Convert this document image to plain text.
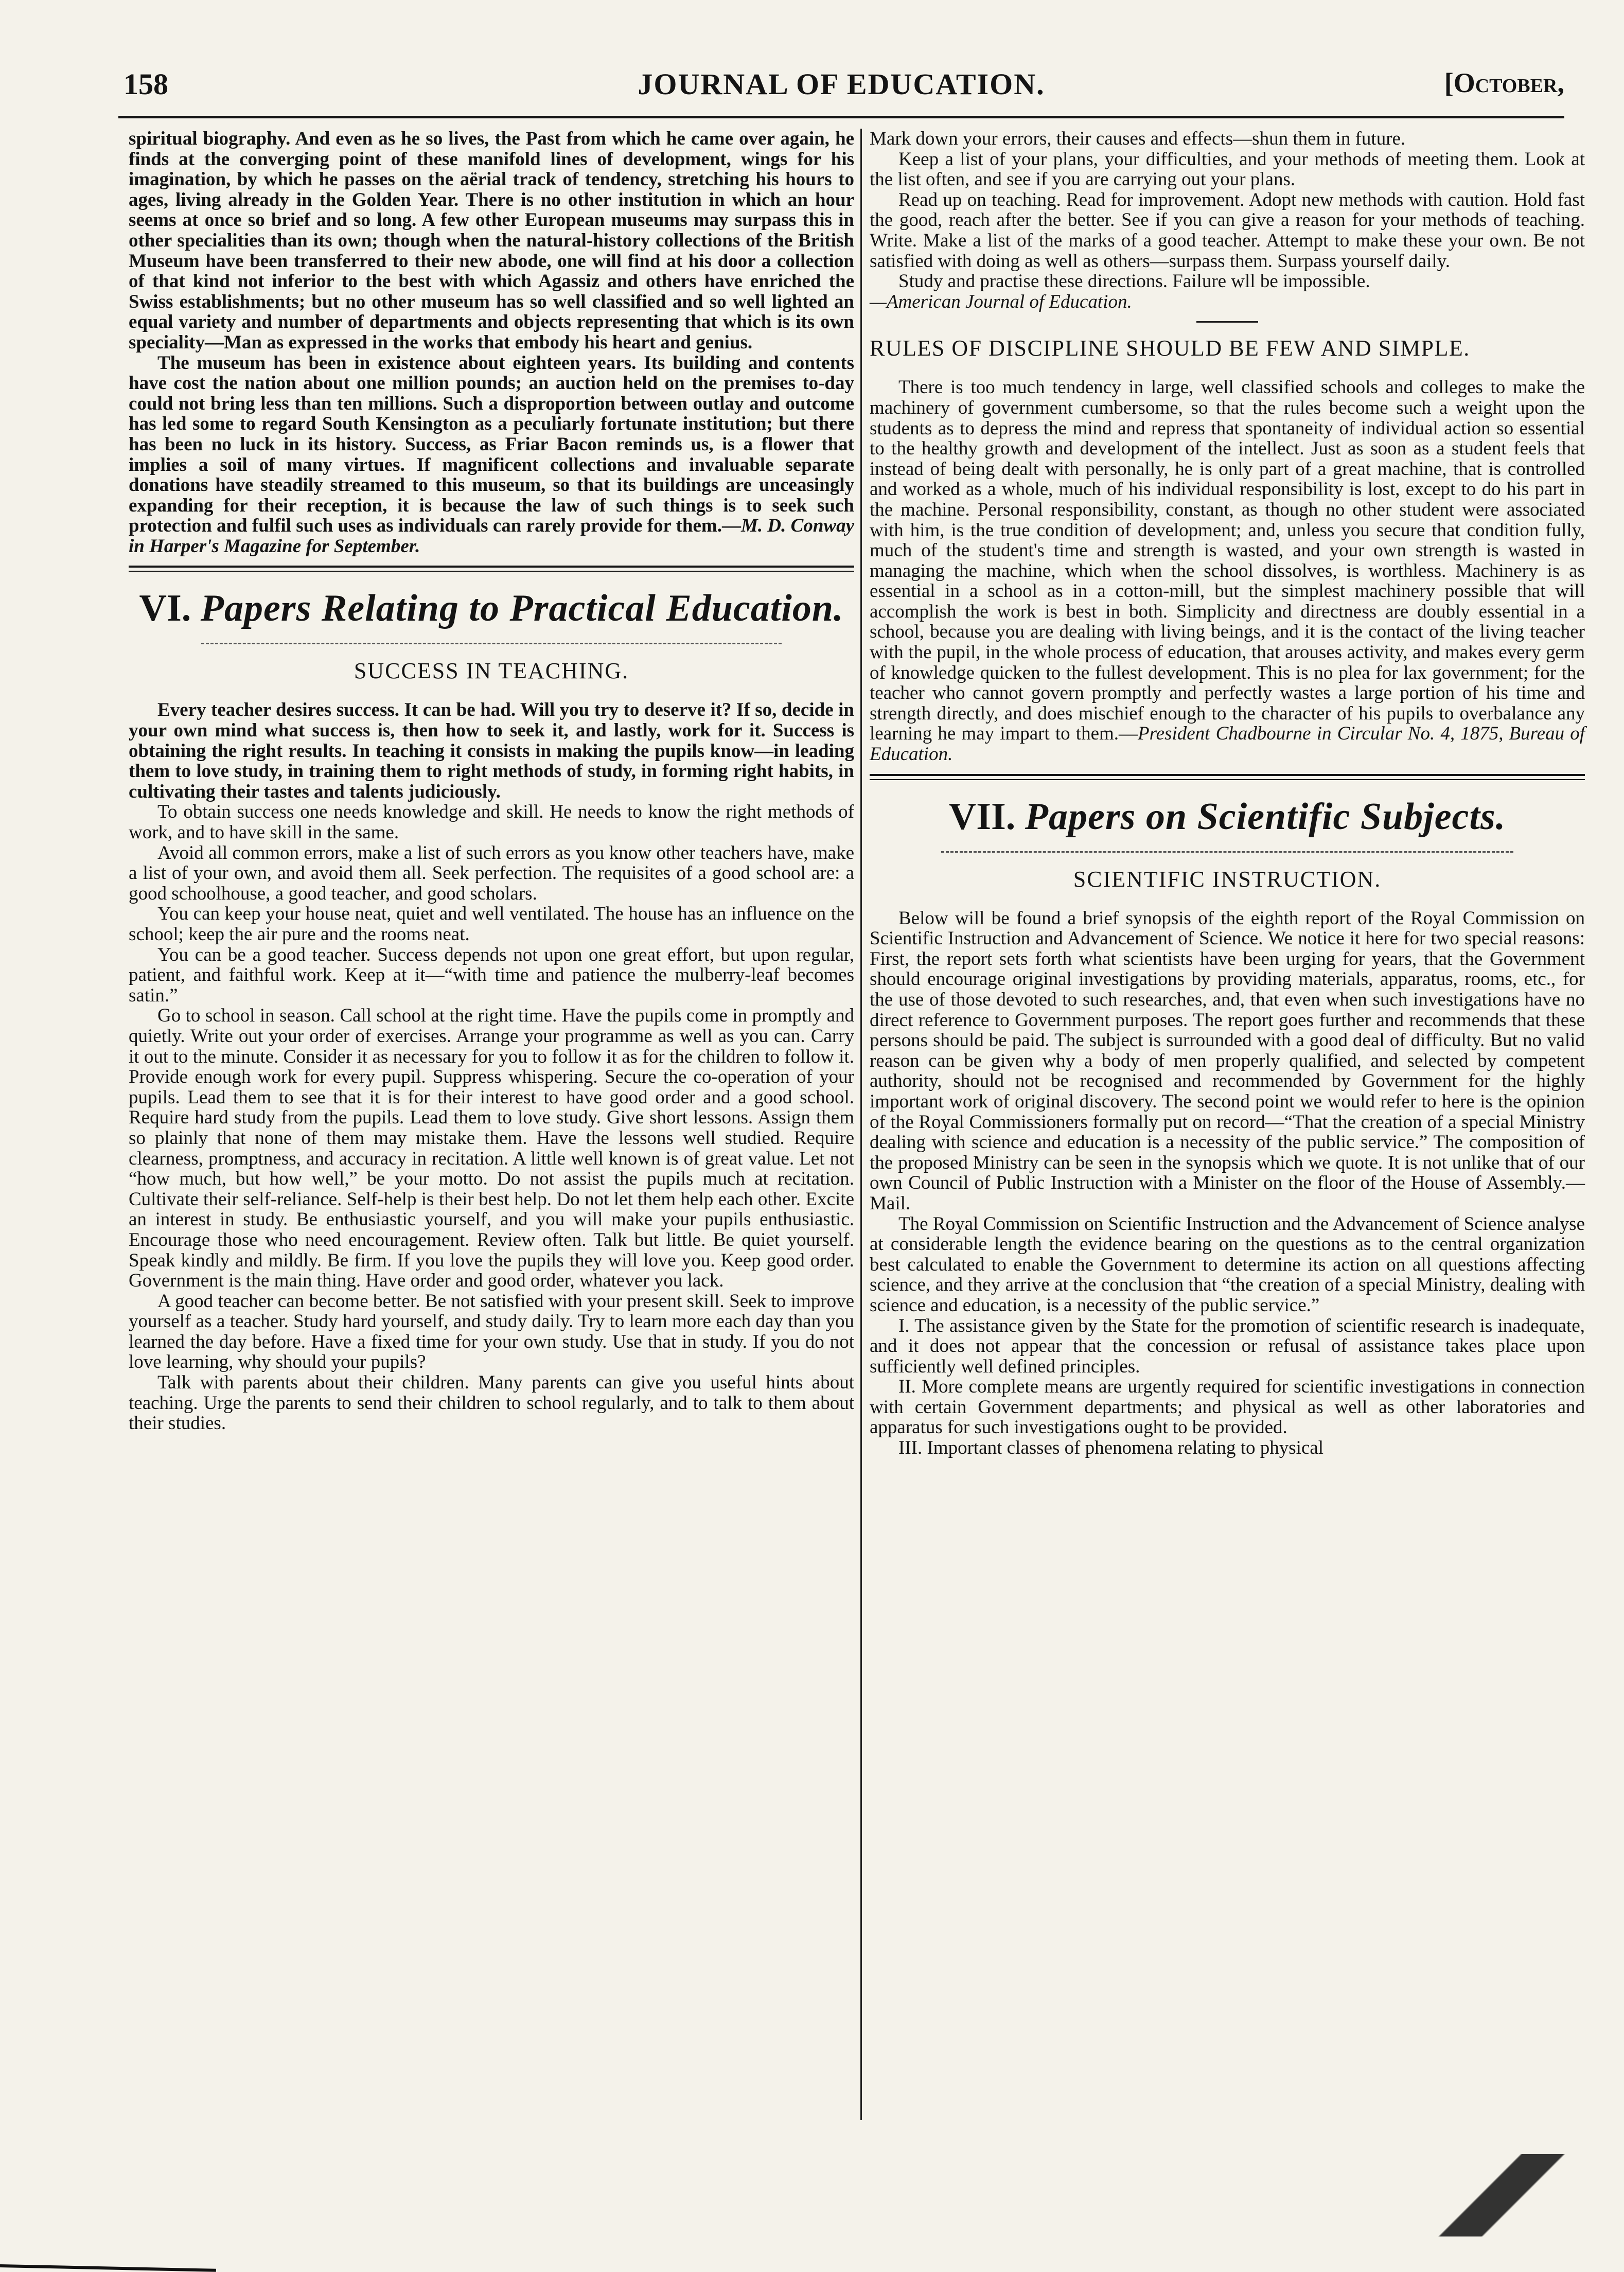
158	JOURNAL OF EDUCATION.	[October,

spiritual biography. And even as he so lives, the Past from which he came over again, he finds at the converging point of these manifold lines of development, wings for his imagination, by which he passes on the aërial track of tendency, stretching his hours to ages, living already in the Golden Year. There is no other institution in which an hour seems at once so brief and so long. A few other European museums may surpass this in other specialities than its own; though when the natural-history collections of the British Museum have been transferred to their new abode, one will find at his door a collection of that kind not inferior to the best with which Agassiz and others have enriched the Swiss establishments; but no other museum has so well classified and so well lighted an equal variety and number of departments and objects representing that which is its own speciality—Man as expressed in the works that embody his heart and genius.

The museum has been in existence about eighteen years. Its building and contents have cost the nation about one million pounds; an auction held on the premises to-day could not bring less than ten millions. Such a disproportion between outlay and outcome has led some to regard South Kensington as a peculiarly fortunate institution; but there has been no luck in its history. Success, as Friar Bacon reminds us, is a flower that implies a soil of many virtues. If magnificent collections and invaluable separate donations have steadily streamed to this museum, so that its buildings are unceasingly expanding for their reception, it is because the law of such things is to seek such protection and fulfil such uses as individuals can rarely provide for them.—M. D. Conway in Harper's Magazine for September.

VI. Papers Relating to Practical Education.
SUCCESS IN TEACHING.

Every teacher desires success. It can be had. Will you try to deserve it? If so, decide in your own mind what success is, then how to seek it, and lastly, work for it. Success is obtaining the right results. In teaching it consists in making the pupils know—in leading them to love study, in training them to right methods of study, in forming right habits, in cultivating their tastes and talents judiciously.

To obtain success one needs knowledge and skill. He needs to know the right methods of work, and to have skill in the same.

Avoid all common errors, make a list of such errors as you know other teachers have, make a list of your own, and avoid them all. Seek perfection. The requisites of a good school are: a good schoolhouse, a good teacher, and good scholars.

You can keep your house neat, quiet and well ventilated. The house has an influence on the school; keep the air pure and the rooms neat.

You can be a good teacher. Success depends not upon one great effort, but upon regular, patient, and faithful work. Keep at it—“with time and patience the mulberry-leaf becomes satin.”

Go to school in season. Call school at the right time. Have the pupils come in promptly and quietly. Write out your order of exercises. Arrange your programme as well as you can. Carry it out to the minute. Consider it as necessary for you to follow it as for the children to follow it. Provide enough work for every pupil. Suppress whispering. Secure the co-operation of your pupils. Lead them to see that it is for their interest to have good order and a good school. Require hard study from the pupils. Lead them to love study. Give short lessons. Assign them so plainly that none of them may mistake them. Have the lessons well studied. Require clearness, promptness, and accuracy in recitation. A little well known is of great value. Let not “how much, but how well,” be your motto. Do not assist the pupils much at recitation. Cultivate their self-reliance. Self-help is their best help. Do not let them help each other. Excite an interest in study. Be enthusiastic yourself, and you will make your pupils enthusiastic. Encourage those who need encouragement. Review often. Talk but little. Be quiet yourself. Speak kindly and mildly. Be firm. If you love the pupils they will love you. Keep good order. Government is the main thing. Have order and good order, whatever you lack.

A good teacher can become better. Be not satisfied with your present skill. Seek to improve yourself as a teacher. Study hard yourself, and study daily. Try to learn more each day than you learned the day before. Have a fixed time for your own study. Use that in study. If you do not love learning, why should your pupils?

Talk with parents about their children. Many parents can give you useful hints about teaching. Urge the parents to send their children to school regularly, and to talk to them about their studies.

Mark down your errors, their causes and effects—shun them in future.

Keep a list of your plans, your difficulties, and your methods of meeting them. Look at the list often, and see if you are carrying out your plans.

Read up on teaching. Read for improvement. Adopt new methods with caution. Hold fast the good, reach after the better. See if you can give a reason for your methods of teaching. Write. Make a list of the marks of a good teacher. Attempt to make these your own. Be not satisfied with doing as well as others—surpass them. Surpass yourself daily.

Study and practise these directions. Failure wll be impossible.

—American Journal of Education.

RULES OF DISCIPLINE SHOULD BE FEW AND SIMPLE.

There is too much tendency in large, well classified schools and colleges to make the machinery of government cumbersome, so that the rules become such a weight upon the students as to depress the mind and repress that spontaneity of individual action so essential to the healthy growth and development of the intellect. Just as soon as a student feels that instead of being dealt with personally, he is only part of a great machine, that is controlled and worked as a whole, much of his individual responsibility is lost, except to do his part in the machine. Personal responsibility, constant, as though no other student were associated with him, is the true condition of development; and, unless you secure that condition fully, much of the student's time and strength is wasted, and your own strength is wasted in managing the machine, which when the school dissolves, is worthless. Machinery is as essential in a school as in a cotton-mill, but the simplest machinery possible that will accomplish the work is best in both. Simplicity and directness are doubly essential in a school, because you are dealing with living beings, and it is the contact of the living teacher with the pupil, in the whole process of education, that arouses activity, and makes every germ of knowledge quicken to the fullest development. This is no plea for lax government; for the teacher who cannot govern promptly and perfectly wastes a large portion of his time and strength directly, and does mischief enough to the character of his pupils to overbalance any learning he may impart to them.—President Chadbourne in Circular No. 4, 1875, Bureau of Education.

VII. Papers on Scientific Subjects.
SCIENTIFIC INSTRUCTION.

Below will be found a brief synopsis of the eighth report of the Royal Commission on Scientific Instruction and Advancement of Science. We notice it here for two special reasons: First, the report sets forth what scientists have been urging for years, that the Government should encourage original investigations by providing materials, apparatus, rooms, etc., for the use of those devoted to such researches, and, that even when such investigations have no direct reference to Government purposes. The report goes further and recommends that these persons should be paid. The subject is surrounded with a good deal of difficulty. But no valid reason can be given why a body of men properly qualified, and selected by competent authority, should not be recognised and recommended by Government for the highly important work of original discovery. The second point we would refer to here is the opinion of the Royal Commissioners formally put on record—“That the creation of a special Ministry dealing with science and education is a necessity of the public service.” The composition of the proposed Ministry can be seen in the synopsis which we quote. It is not unlike that of our own Council of Public Instruction with a Minister on the floor of the House of Assembly.—Mail.

The Royal Commission on Scientific Instruction and the Advancement of Science analyse at considerable length the evidence bearing on the questions as to the central organization best calculated to enable the Government to determine its action on all questions affecting science, and they arrive at the conclusion that “the creation of a special Ministry, dealing with science and education, is a necessity of the public service.”

I. The assistance given by the State for the promotion of scientific research is inadequate, and it does not appear that the concession or refusal of assistance takes place upon sufficiently well defined principles.

II. More complete means are urgently required for scientific investigations in connection with certain Government departments; and physical as well as other laboratories and apparatus for such investigations ought to be provided.

III. Important classes of phenomena relating to physical
